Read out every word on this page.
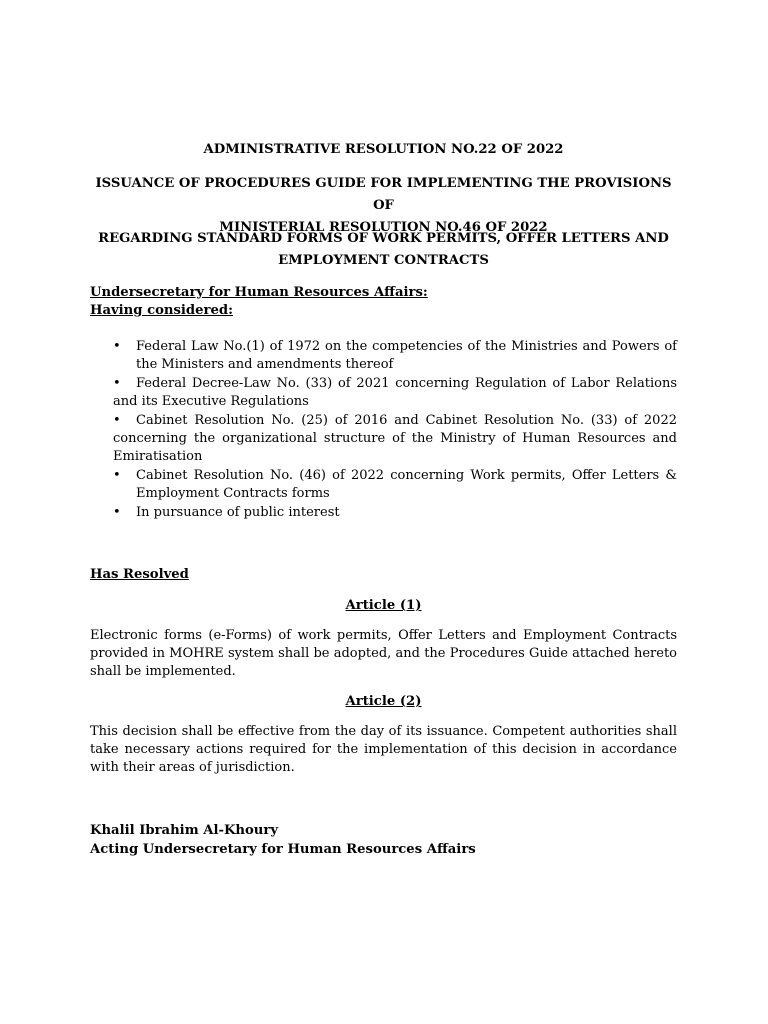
ADMINISTRATIVE RESOLUTION NO.22 OF 2022

ISSUANCE OF PROCEDURES GUIDE FOR IMPLEMENTING THE PROVISIONS OF
MINISTERIAL RESOLUTION NO.46 OF 2022

REGARDING STANDARD FORMS OF WORK PERMITS, OFFER LETTERS AND
EMPLOYMENT CONTRACTS

Undersecretary for Human Resources Affairs:

Having considered:

•	Federal Law No.(1) of 1972 on the competencies of the Ministries and Powers of the Ministers and amendments thereof
•	Federal Decree-Law No. (33) of 2021 concerning Regulation of Labor Relations and its Executive Regulations
•	Cabinet Resolution No. (25) of 2016 and Cabinet Resolution No. (33) of 2022 concerning the organizational structure of the Ministry of Human Resources and Emiratisation
•	Cabinet Resolution No. (46) of 2022 concerning Work permits, Offer Letters & Employment Contracts forms
•	In pursuance of public interest

Has Resolved

Article (1)

Electronic forms (e-Forms) of work permits, Offer Letters and Employment Contracts provided in MOHRE system shall be adopted, and the Procedures Guide attached hereto shall be implemented.

Article (2)

This decision shall be effective from the day of its issuance. Competent authorities shall take necessary actions required for the implementation of this decision in accordance with their areas of jurisdiction.

Khalil Ibrahim Al-Khoury

Acting Undersecretary for Human Resources Affairs
